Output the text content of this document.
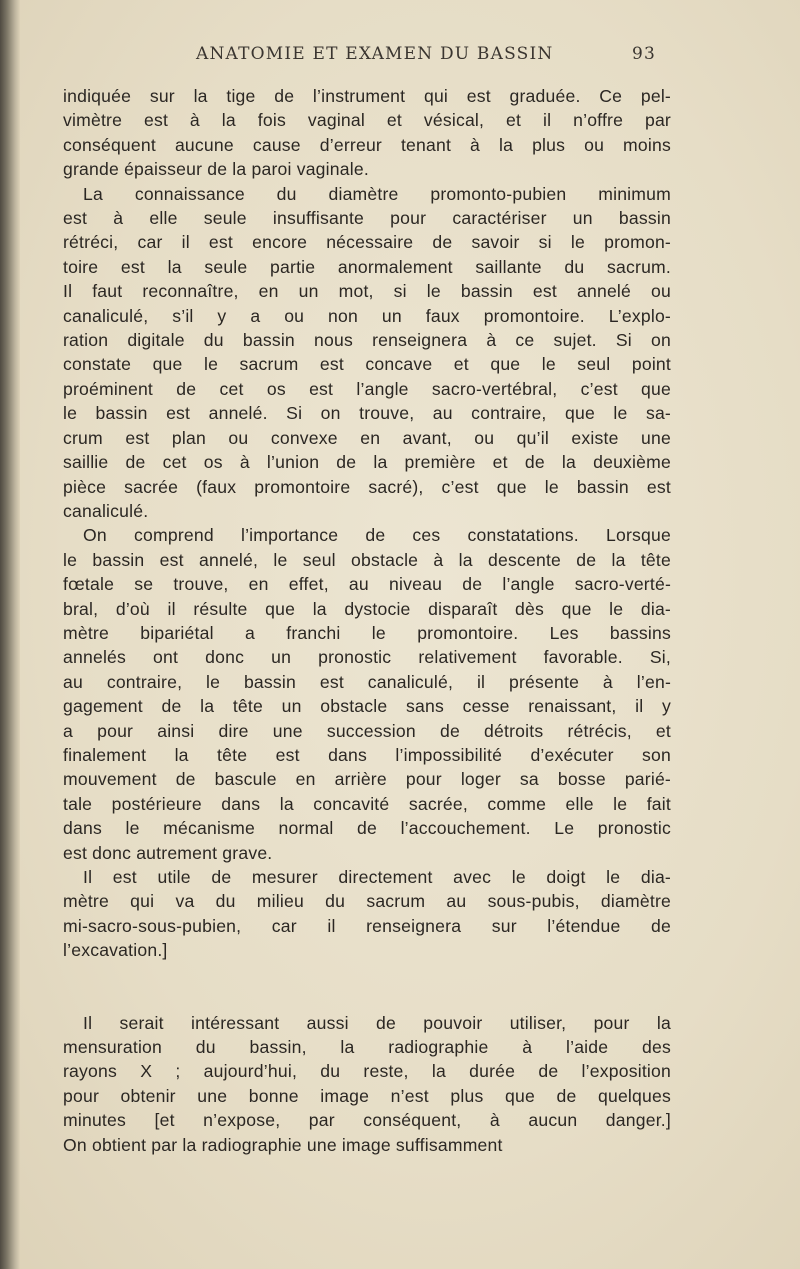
ANATOMIE ET EXAMEN DU BASSIN	93

indiquée sur la tige de l’instrument qui est graduée. Ce pel-
vimètre est à la fois vaginal et vésical, et il n’offre par
conséquent aucune cause d’erreur tenant à la plus ou moins
grande épaisseur de la paroi vaginale.

La connaissance du diamètre promonto-pubien minimum
est à elle seule insuffisante pour caractériser un bassin
rétréci, car il est encore nécessaire de savoir si le promon-
toire est la seule partie anormalement saillante du sacrum.
Il faut reconnaître, en un mot, si le bassin est annelé ou
canaliculé, s’il y a ou non un faux promontoire. L’explo-
ration digitale du bassin nous renseignera à ce sujet. Si on
constate que le sacrum est concave et que le seul point
proéminent de cet os est l’angle sacro-vertébral, c’est que
le bassin est annelé. Si on trouve, au contraire, que le sa-
crum est plan ou convexe en avant, ou qu’il existe une
saillie de cet os à l’union de la première et de la deuxième
pièce sacrée (faux promontoire sacré), c’est que le bassin est
canaliculé.

On comprend l’importance de ces constatations. Lorsque
le bassin est annelé, le seul obstacle à la descente de la tête
fœtale se trouve, en effet, au niveau de l’angle sacro-verté-
bral, d’où il résulte que la dystocie disparaît dès que le dia-
mètre bipariétal a franchi le promontoire. Les bassins
annelés ont donc un pronostic relativement favorable. Si,
au contraire, le bassin est canaliculé, il présente à l’en-
gagement de la tête un obstacle sans cesse renaissant, il y
a pour ainsi dire une succession de détroits rétrécis, et
finalement la tête est dans l’impossibilité d’exécuter son
mouvement de bascule en arrière pour loger sa bosse parié-
tale postérieure dans la concavité sacrée, comme elle le fait
dans le mécanisme normal de l’accouchement. Le pronostic
est donc autrement grave.

Il est utile de mesurer directement avec le doigt le dia-
mètre qui va du milieu du sacrum au sous-pubis, diamètre
mi-sacro-sous-pubien, car il renseignera sur l’étendue de
l’excavation.]

Il serait intéressant aussi de pouvoir utiliser, pour la
mensuration du bassin, la radiographie à l’aide des
rayons X ; aujourd’hui, du reste, la durée de l’exposition
pour obtenir une bonne image n’est plus que de quelques
minutes [et n’expose, par conséquent, à aucun danger.]
On obtient par la radiographie une image suffisamment
